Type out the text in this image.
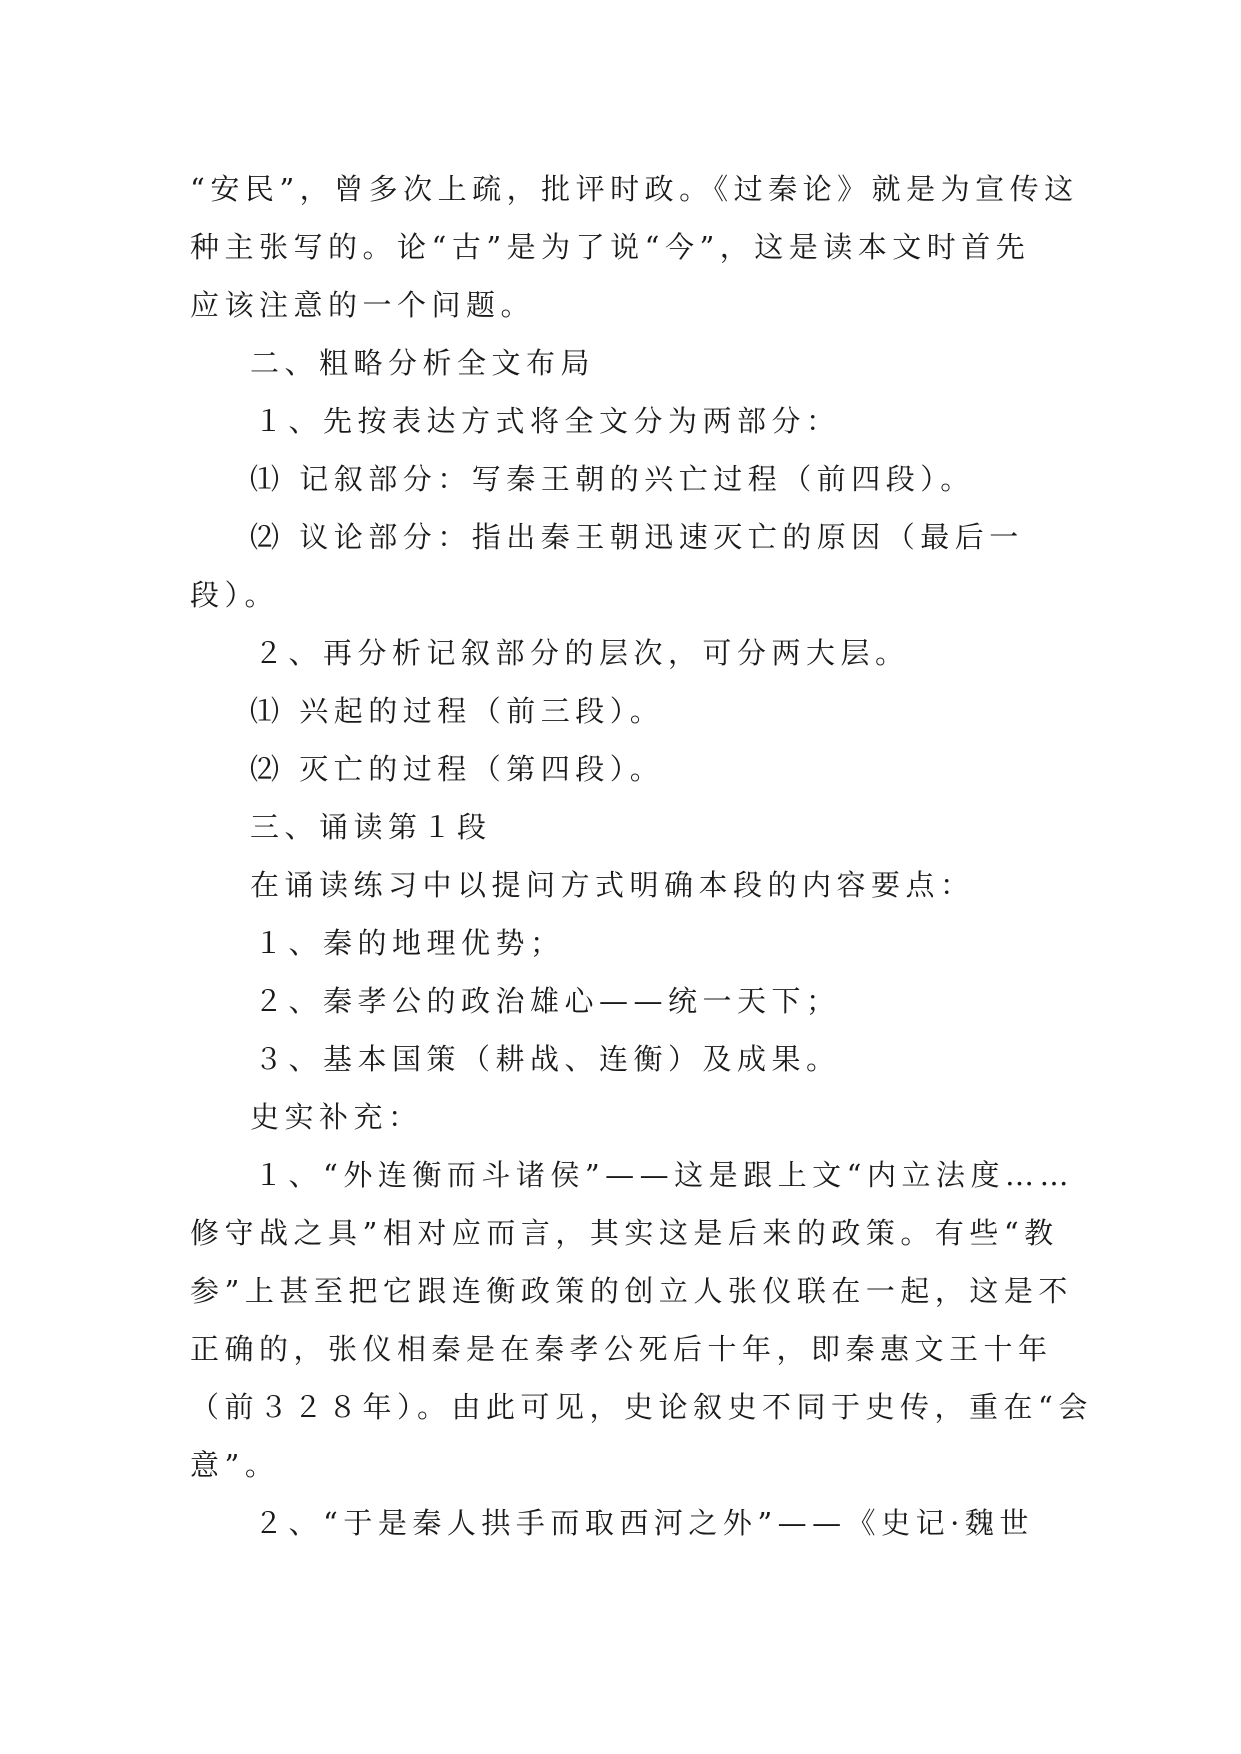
“安民”，曾多次上疏，批评时政。《过秦论》就是为宣传这
种主张写的。论“古”是为了说“今”，这是读本文时首先
应该注意的一个问题。
二、粗略分析全文布局
１、先按表达方式将全文分为两部分：
⑴ 记叙部分：写秦王朝的兴亡过程（前四段）。
⑵ 议论部分：指出秦王朝迅速灭亡的原因（最后一
段）。
２、再分析记叙部分的层次，可分两大层。
⑴ 兴起的过程（前三段）。
⑵ 灭亡的过程（第四段）。
三、诵读第１段
在诵读练习中以提问方式明确本段的内容要点：
１、秦的地理优势；
２、秦孝公的政治雄心——统一天下；
３、基本国策（耕战、连衡）及成果。
史实补充：
１、“外连衡而斗诸侯”——这是跟上文“内立法度……
修守战之具”相对应而言，其实这是后来的政策。有些“教
参”上甚至把它跟连衡政策的创立人张仪联在一起，这是不
正确的，张仪相秦是在秦孝公死后十年，即秦惠文王十年
（前３２８年）。由此可见，史论叙史不同于史传，重在“会
意”。
２、“于是秦人拱手而取西河之外”——《史记·魏世
